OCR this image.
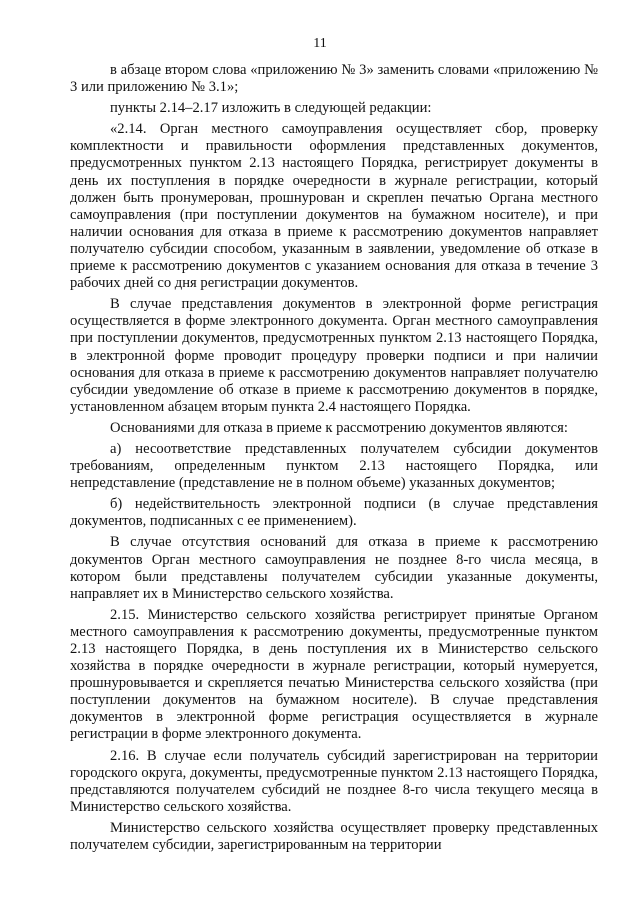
11

в абзаце втором слова «приложению № 3» заменить словами «приложению № 3 или приложению № 3.1»;

пункты 2.14–2.17 изложить в следующей редакции:

«2.14. Орган местного самоуправления осуществляет сбор, проверку комплектности и правильности оформления представленных документов, предусмотренных пунктом 2.13 настоящего Порядка, регистрирует документы в день их поступления в порядке очередности в журнале регистрации, который должен быть пронумерован, прошнурован и скреплен печатью Органа местного самоуправления (при поступлении документов на бумажном носителе), и при наличии основания для отказа в приеме к рассмотрению документов направляет получателю субсидии способом, указанным в заявлении, уведомление об отказе в приеме к рассмотрению документов с указанием основания для отказа в течение 3 рабочих дней со дня регистрации документов.

В случае представления документов в электронной форме регистрация осуществляется в форме электронного документа. Орган местного самоуправления при поступлении документов, предусмотренных пунктом 2.13 настоящего Порядка, в электронной форме проводит процедуру проверки подписи и при наличии основания для отказа в приеме к рассмотрению документов направляет получателю субсидии уведомление об отказе в приеме к рассмотрению документов в порядке, установленном абзацем вторым пункта 2.4 настоящего Порядка.

Основаниями для отказа в приеме к рассмотрению документов являются:

а) несоответствие представленных получателем субсидии документов требованиям, определенным пунктом 2.13 настоящего Порядка, или непредставление (представление не в полном объеме) указанных документов;

б) недействительность электронной подписи (в случае представления документов, подписанных с ее применением).

В случае отсутствия оснований для отказа в приеме к рассмотрению документов Орган местного самоуправления не позднее 8-го числа месяца, в котором были представлены получателем субсидии указанные документы, направляет их в Министерство сельского хозяйства.

2.15. Министерство сельского хозяйства регистрирует принятые Органом местного самоуправления к рассмотрению документы, предусмотренные пунктом 2.13 настоящего Порядка, в день поступления их в Министерство сельского хозяйства в порядке очередности в журнале регистрации, который нумеруется, прошнуровывается и скрепляется печатью Министерства сельского хозяйства (при поступлении документов на бумажном носителе). В случае представления документов в электронной форме регистрация осуществляется в журнале регистрации в форме электронного документа.

2.16. В случае если получатель субсидий зарегистрирован на территории городского округа, документы, предусмотренные пунктом 2.13 настоящего Порядка, представляются получателем субсидий не позднее 8-го числа текущего месяца в Министерство сельского хозяйства.

Министерство сельского хозяйства осуществляет проверку представленных получателем субсидии, зарегистрированным на территории
